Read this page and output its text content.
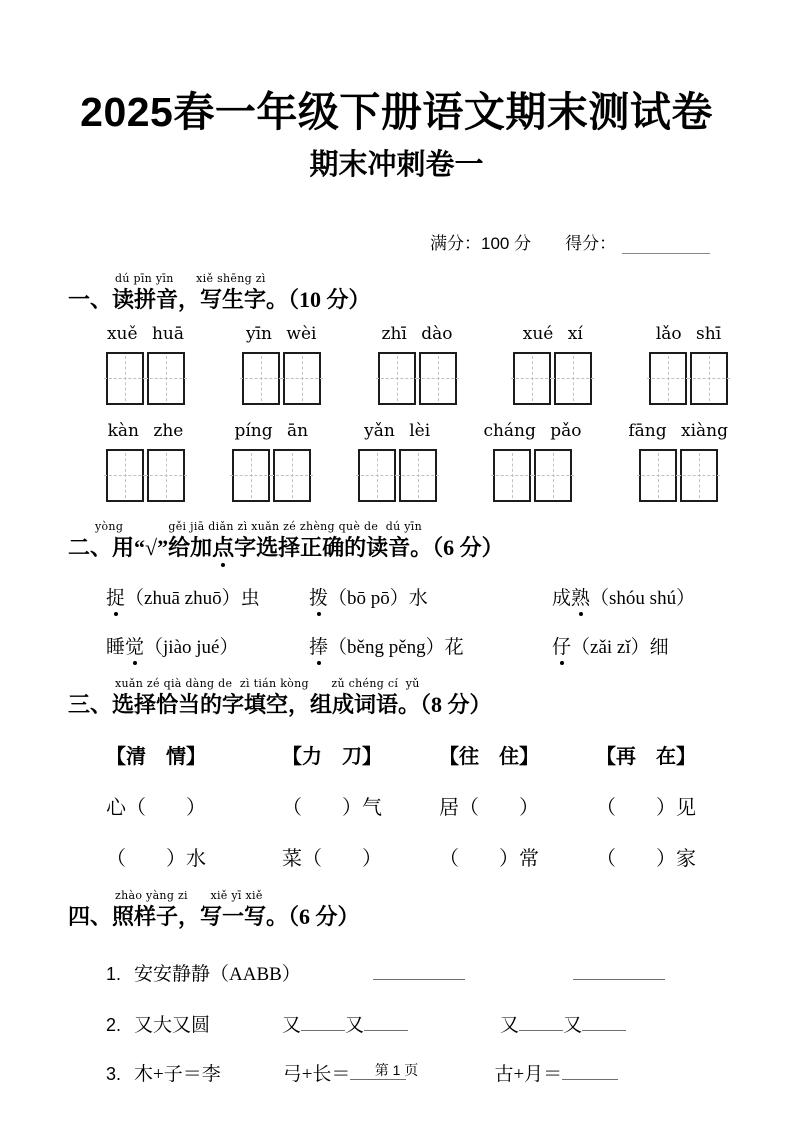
2025春一年级下册语文期末测试卷
期末冲刺卷一
满分：100 分 得分：
dú pīn yīn　　xiě shēng zì
一、读拼音，写生字。（10 分）
xuě huā	yīn wèi	zhī dào	xué xí	lǎo shī
kàn zhe	píng ān	yǎn lèi	cháng pǎo	fāng xiàng
yòng　　　　gěi jiā diǎn zì xuǎn zé zhèng què de  dú yīn
二、用“√”给加点字选择正确的读音。（6 分）
捉（zhuā zhuō）虫	拨（bō pō）水	成熟（shóu shú）
睡觉（jiào jué）	捧（běng pěng）花	仔（zǎi zǐ）细
xuǎn zé qià dàng de  zì tián kòng　　zǔ chéng cí  yǔ
三、选择恰当的字填空，组成词语。（8 分）
【清　情】	【力　刀】	【往　住】	【再　在】
心（　　）	（　　）气	居（　　）	（　　）见
（　　）水	菜（　　）	（　　）常	（　　）家
zhào yàng zi　　xiě yī xiě
四、照样子，写一写。（6 分）
1. 安安静静（AABB）
2. 又大又圆	又 又	又 又
3. 木+子＝李	弓+长＝	古+月＝
第 1 页
